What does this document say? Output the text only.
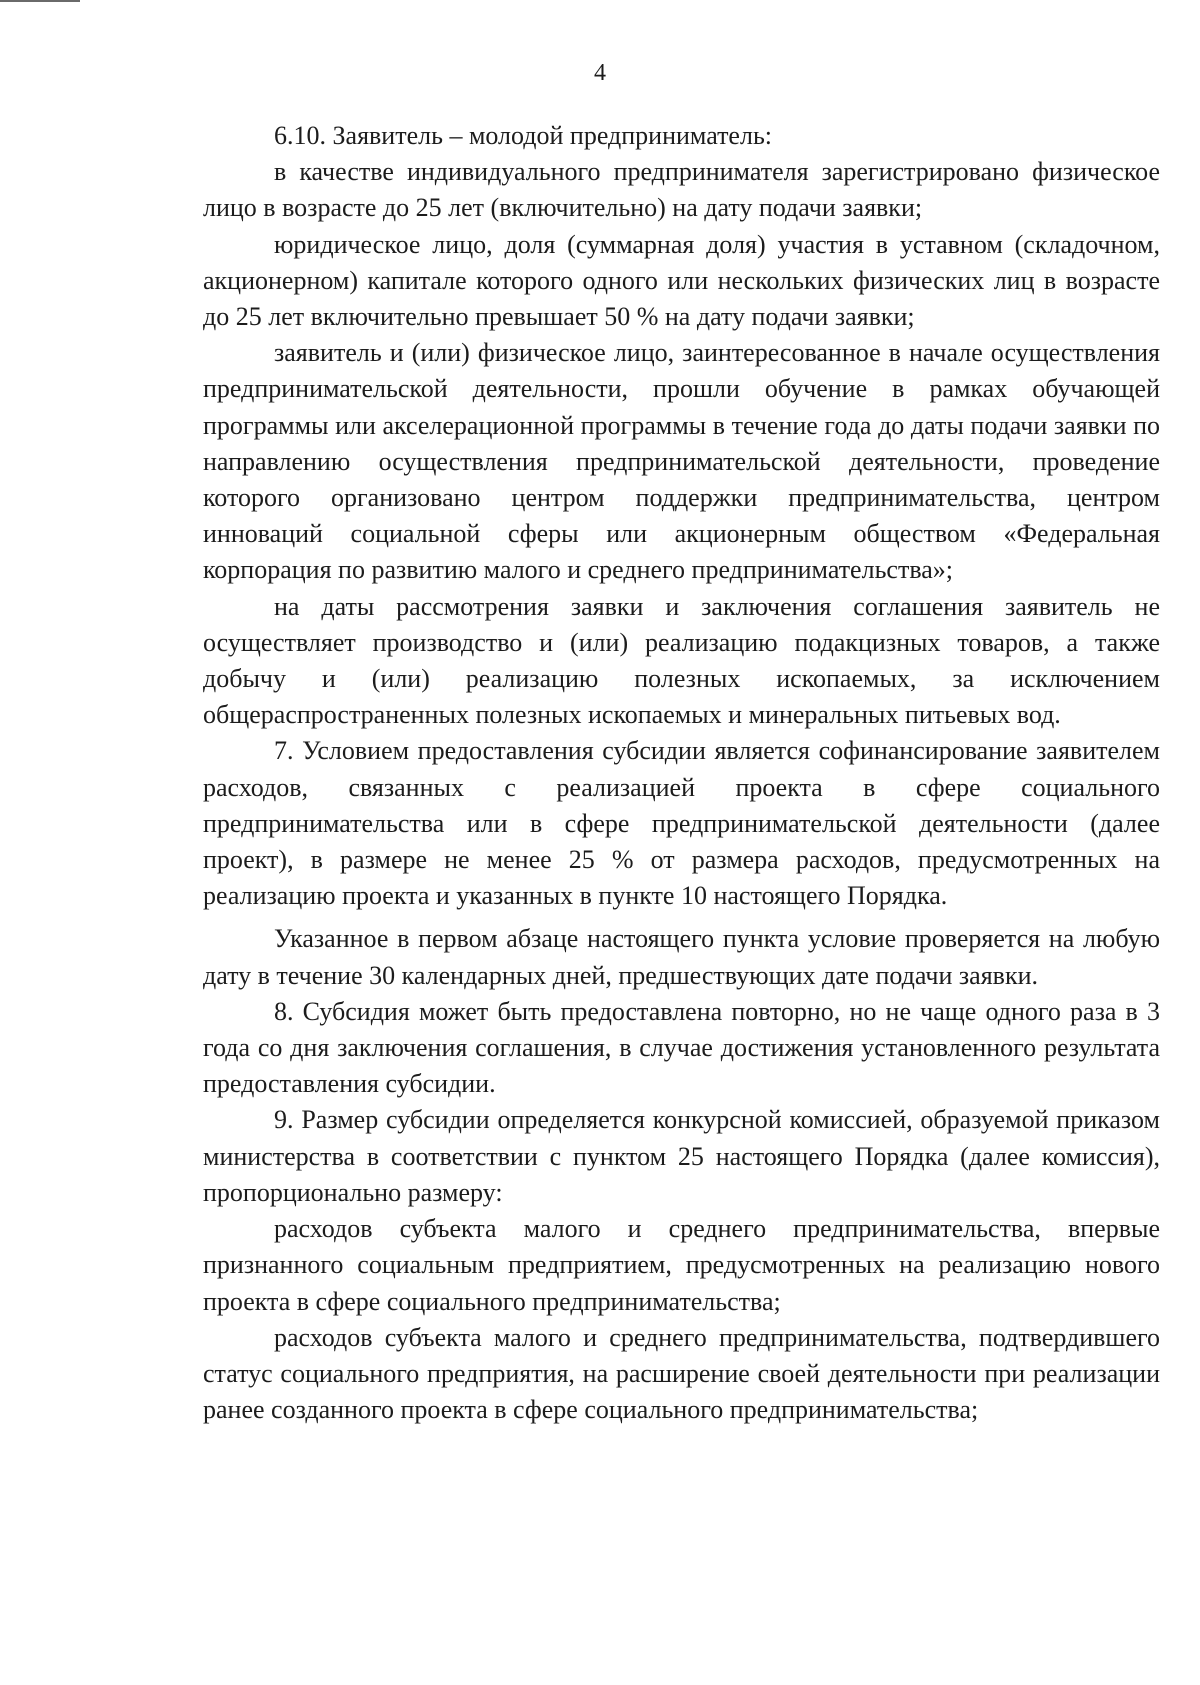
4

6.10. Заявитель – молодой предприниматель:

в качестве индивидуального предпринимателя зарегистрировано физическое лицо в возрасте до 25 лет (включительно) на дату подачи заявки;

юридическое лицо, доля (суммарная доля) участия в уставном (складочном, акционерном) капитале которого одного или нескольких физических лиц в возрасте до 25 лет включительно превышает 50 % на дату подачи заявки;

заявитель и (или) физическое лицо, заинтересованное в начале осуществления предпринимательской деятельности, прошли обучение в рамках обучающей программы или акселерационной программы в течение года до даты подачи заявки по направлению осуществления предпринимательской деятельности, проведение которого организовано центром поддержки предпринимательства, центром инноваций социальной сферы или акционерным обществом «Федеральная корпорация по развитию малого и среднего предпринимательства»;

на даты рассмотрения заявки и заключения соглашения заявитель не осуществляет производство и (или) реализацию подакцизных товаров, а также добычу и (или) реализацию полезных ископаемых, за исключением общераспространенных полезных ископаемых и минеральных питьевых вод.

7. Условием предоставления субсидии является софинансирование заявителем расходов, связанных с реализацией проекта в сфере социального предпринимательства или в сфере предпринимательской деятельности (далее проект), в размере не менее 25 % от размера расходов, предусмотренных на реализацию проекта и указанных в пункте 10 настоящего Порядка.

Указанное в первом абзаце настоящего пункта условие проверяется на любую дату в течение 30 календарных дней, предшествующих дате подачи заявки.

8. Субсидия может быть предоставлена повторно, но не чаще одного раза в 3 года со дня заключения соглашения, в случае достижения установленного результата предоставления субсидии.

9. Размер субсидии определяется конкурсной комиссией, образуемой приказом министерства в соответствии с пунктом 25 настоящего Порядка (далее комиссия), пропорционально размеру:

расходов субъекта малого и среднего предпринимательства, впервые признанного социальным предприятием, предусмотренных на реализацию нового проекта в сфере социального предпринимательства;

расходов субъекта малого и среднего предпринимательства, подтвердившего статус социального предприятия, на расширение своей деятельности при реализации ранее созданного проекта в сфере социального предпринимательства;
